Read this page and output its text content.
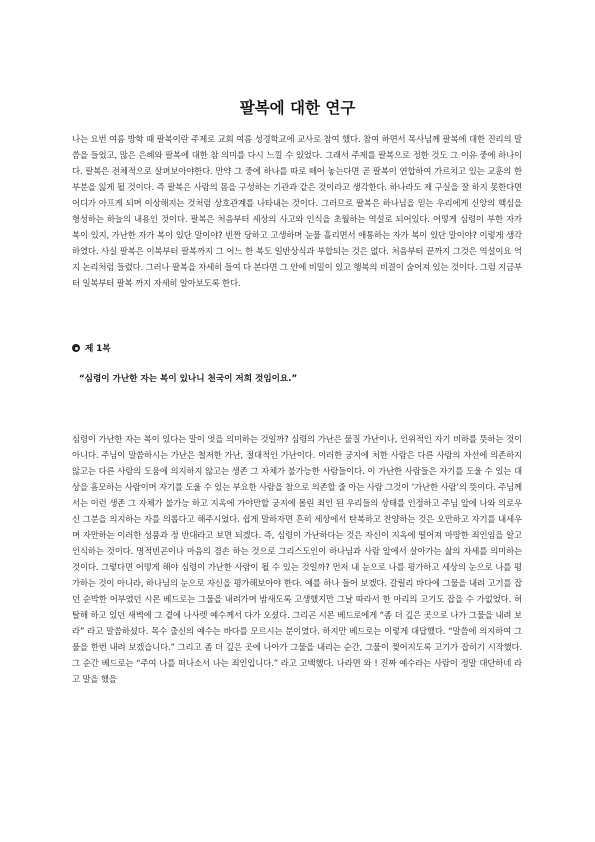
팔복에 대한 연구

나는 요번 여름 방학 때 팔복이란 주제로 교회 여름 성경학교에 교사로 참여 했다. 참여 하면서 목사님께 팔복에 대한 진리의 말씀을 들었고, 많은 은혜와 팔복에 대한 참 의미를 다시 느낄 수 있었다. 그래서 주제를 팔복으로 정한 것도 그 이유 중에 하나이다. 팔복은 전체적으로 살펴보아야한다. 만약 그 중에 하나를 따로 떼어 놓는다면 곧 팔복이 연합하여 가르치고 있는 교훈의 한 부분을 잃게 될 것이다. 즉 팔복은 사람의 몸을 구성하는 기관과 같은 것이라고 생각한다. 하나라도 제 구실을 잘 하지 못한다면 어디가 아프게 되며 이상해지는 것처럼 상호관계를 나타내는 것이다. 그러므로 팔복은 하나님을 믿는 우리에게 신앙의 핵심을 형성하는 하늘의 내용인 것이다. 팔복은 처음부터 세상의 사고와 인식을 초월하는 역설로 되어있다. 어떻게 심령이 부한 자가 복이 있지, 가난한 자가 복이 있단 말이야? 빈짠 당하고 고생하며 눈물 흘리면서 애통하는 자가 복이 있단 말이야? 이렇게 생각하였다. 사실 팔복은 이복부터 팔복까지 그 어느 한 복도 일반상식과 부합되는 것은 없다. 처음부터 끝까지 그것은 역설이요 억지 논리처럼 들렸다. 그러나 팔복을 자세히 들여 다 본다면 그 안에 비밀이 있고 행복의 비결이 숨어져 있는 것이다. 그럼 지금부터 일복부터 팔복 까지 자세히 알아보도록 한다.

제 1복
“심령이 가난한 자는 복이 있나니 천국이 저희 것임이요.”

심령이 가난한 자는 복이 있다는 말이 엇을 의미하는 것일까? 심령의 가난은 물질 가난이나, 인위적인 자기 비하를 뜻하는 것이 아니다. 주님이 말씀하시는 가난은 철저한 가난, 절대적인 가난이다. 이러한 궁지에 처한 사람은 다른 사람의 자선에 의존하지 않고는 다른 사람의 도움에 의지하지 않고는 생존 그 자체가 불가능한 사람들이다. 이 가난한 사람들은 자기를 도울 수 있는 대상을 흠모하는 사람이며 자기를 도울 수 있는 부요한 사람을 참으로 의존할 줄 아는 사람 그것이 ‘가난한 사람’의 뜻이다. 주님께서는 이런 생존 그 자체가 불가능 하고 지옥에 가야만할 궁지에 몰린 죄인 된 우리들의 상태를 인정하고 주님 앞에 나와 의로우신 그분을 의지하는 자를 의롭다고 해주시었다. 쉽게 말하자면 흔히 세상에서 탄복하고 찬양하는 것은 오만하고 자기를 내세우며 자만하는 이러한 성품과 정 반대라고 보면 되겠다. 즉, 심령이 가난하다는 것은 자신이 지옥에 떨어져 마땅한 죄인임을 알고 인식하는 것이다. 명적빈곤이나 마음의 겸손 하는 것으로 그리스도인이 하나님과 사람 앞에서 살아가는 삶의 자세를 의미하는 것이다. 그렇다면 어떻게 해야 심령이 가난한 사람이 될 수 있는 것일까? 먼저 내 눈으로 나를 평가하고 세상의 눈으로 나를 평가하는 것이 아니라, 하나님의 눈으로 자신을 평가해보아야 한다. 예를 하나 들어 보겠다. 갈릴리 바다에 그물을 내려 고기를 잡던 순박한 어부였던 시몬 베드로는 그물을 내려가며 밤새도록 고생했지만 그날 따라서 한 마리의 고기도 잡을 수 가없었다. 허탈해 하고 있던 새벽에 그 곁에 나사렛 예수께서 다가 오셨다. 그리곤 시몬 베드로에게 “좀 더 깊은 곳으로 나가 그물을 내려 보라” 라고 말씀하셨다. 목수 출신의 예수는 바다를 모르시는 분이였다. 하지만 베드로는 이렇게 대답했다. “말씀에 의지하여 그물을 한번 내려 보겠습니다.” 그리고 좀 더 깊은 곳에 나아가 그물을 내리는 순간, 그물이 찢어지도록 고기가 잡히기 시작했다. 그 순간 베드로는 “주여 나를 떠나소서 나는 죄인입니다.” 라고 고백했다. 나라면 와 ! 진짜 예수라는 사람이 정말 대단하네 라고 말을 했을
